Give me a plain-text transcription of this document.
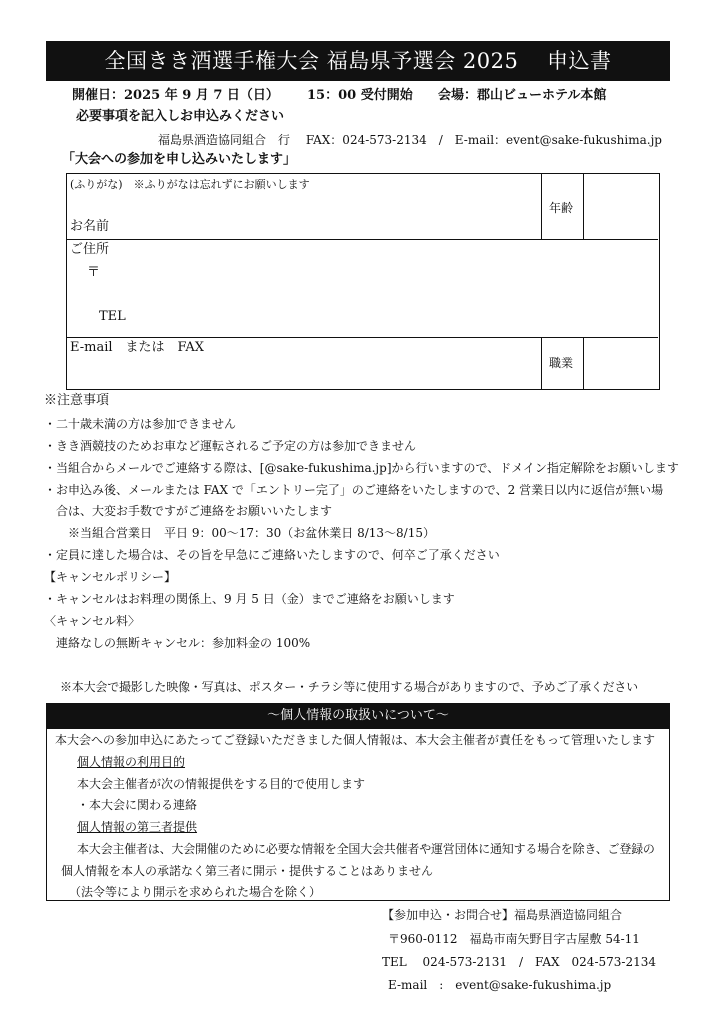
全国きき酒選手権大会 福島県予選会 2025　 申込書
開催日：2025 年 9 月 7 日（日） 15：00 受付開始 会場：郡山ビューホテル本館
必要事項を記入しお申込みください
福島県酒造協同組合　行　 FAX：024-573-2134　/　E-mail：event@sake-fukushima.jp
「大会への参加を申し込みいたします」
(ふりがな)　※ふりがなは忘れずにお願いします
お名前
年齢
ご住所
〒
TEL
E-mail　または　FAX
職業
※注意事項
・二十歳未満の方は参加できません
・きき酒競技のためお車など運転されるご予定の方は参加できません
・当組合からメールでご連絡する際は、[@sake-fukushima.jp]から行いますので、ドメイン指定解除をお願いします
・お申込み後、メールまたは FAX で「エントリー完了」のご連絡をいたしますので、2 営業日以内に返信が無い場
　合は、大変お手数ですがご連絡をお願いいたします
※当組合営業日　平日 9：00～17：30（お盆休業日 8/13～8/15）
・定員に達した場合は、その旨を早急にご連絡いたしますので、何卒ご了承ください
【キャンセルポリシー】
・キャンセルはお料理の関係上、9 月 5 日（金）までご連絡をお願いします
〈キャンセル料〉
連絡なしの無断キャンセル：参加料金の 100%
※本大会で撮影した映像・写真は、ポスター・チラシ等に使用する場合がありますので、予めご了承ください
～個人情報の取扱いについて～
本大会への参加申込にあたってご登録いただきました個人情報は、本大会主催者が責任をもって管理いたします
個人情報の利用目的
本大会主催者が次の情報提供をする目的で使用します
・本大会に関わる連絡
個人情報の第三者提供
本大会主催者は、大会開催のために必要な情報を全国大会共催者や運営団体に通知する場合を除き、ご登録の
個人情報を本人の承諾なく第三者に開示・提供することはありません
（法令等により開示を求められた場合を除く）
【参加申込・お問合せ】福島県酒造協同組合
〒960-0112　福島市南矢野目字古屋敷 54-11
TEL　 024-573-2131　/　FAX　024-573-2134
E-mail　:　event@sake-fukushima.jp
